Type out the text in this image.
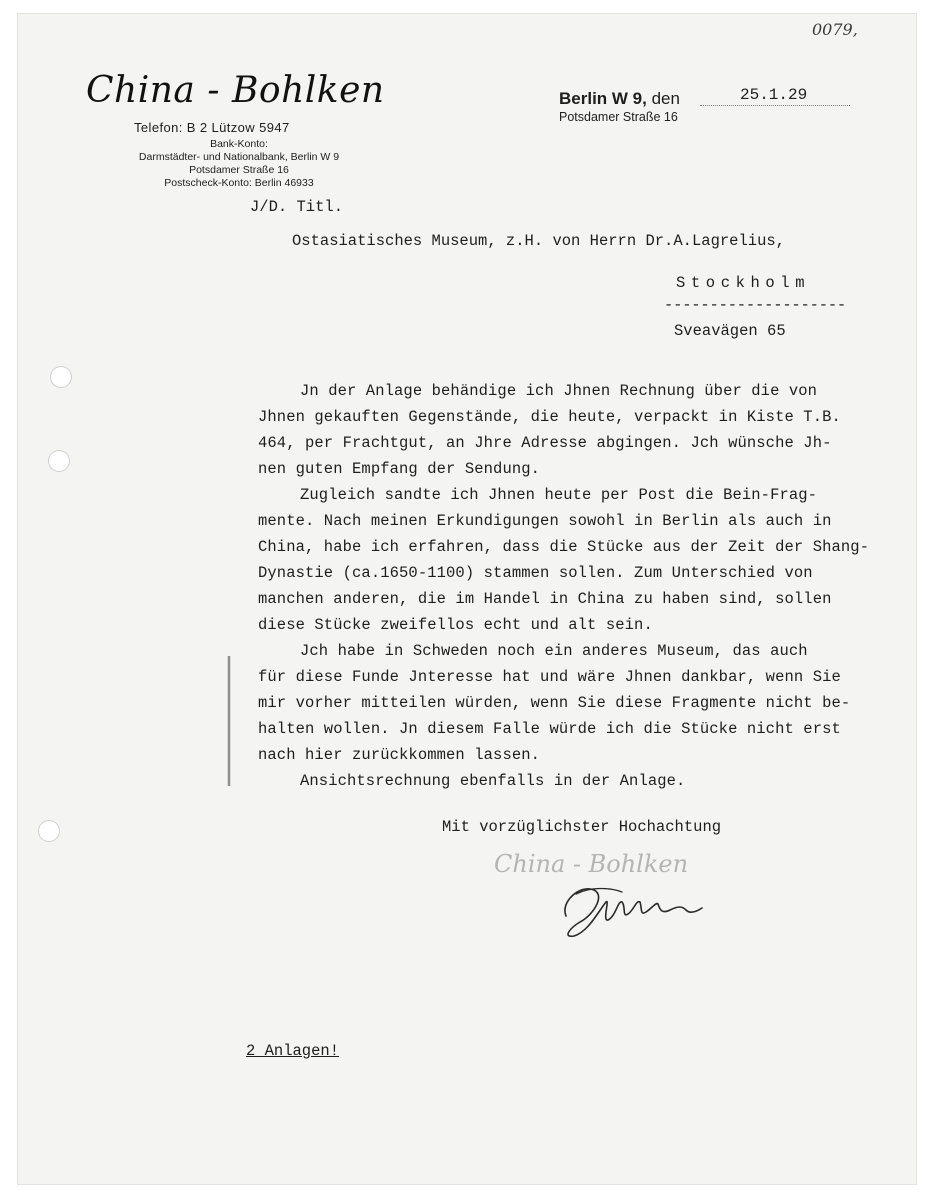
0079,
China - Bohlken
Telefon: B 2 Lützow 5947
Bank-Konto:
Darmstädter- und Nationalbank, Berlin W 9
Potsdamer Straße 16
Postscheck-Konto: Berlin 46933
Berlin W 9, den	25.1.29
Potsdamer Straße 16
J/D. Titl.
Ostasiatisches Museum, z.H. von Herrn Dr.A.Lagrelius,
Stockholm
--------------------
Sveavägen 65
Jn der Anlage behändige ich Jhnen Rechnung über die von
Jhnen gekauften Gegenstände, die heute, verpackt in Kiste T.B.
464, per Frachtgut, an Jhre Adresse abgingen. Jch wünsche Jh-
nen guten Empfang der Sendung.
Zugleich sandte ich Jhnen heute per Post die Bein-Frag-
mente. Nach meinen Erkundigungen sowohl in Berlin als auch in
China, habe ich erfahren, dass die Stücke aus der Zeit der Shang-
Dynastie (ca.1650-1100) stammen sollen. Zum Unterschied von
manchen anderen, die im Handel in China zu haben sind, sollen
diese Stücke zweifellos echt und alt sein.
Jch habe in Schweden noch ein anderes Museum, das auch
für diese Funde Jnteresse hat und wäre Jhnen dankbar, wenn Sie
mir vorher mitteilen würden, wenn Sie diese Fragmente nicht be-
halten wollen. Jn diesem Falle würde ich die Stücke nicht erst
nach hier zurückkommen lassen.
Ansichtsrechnung ebenfalls in der Anlage.
Mit vorzüglichster Hochachtung
China - Bohlken
2 Anlagen!
